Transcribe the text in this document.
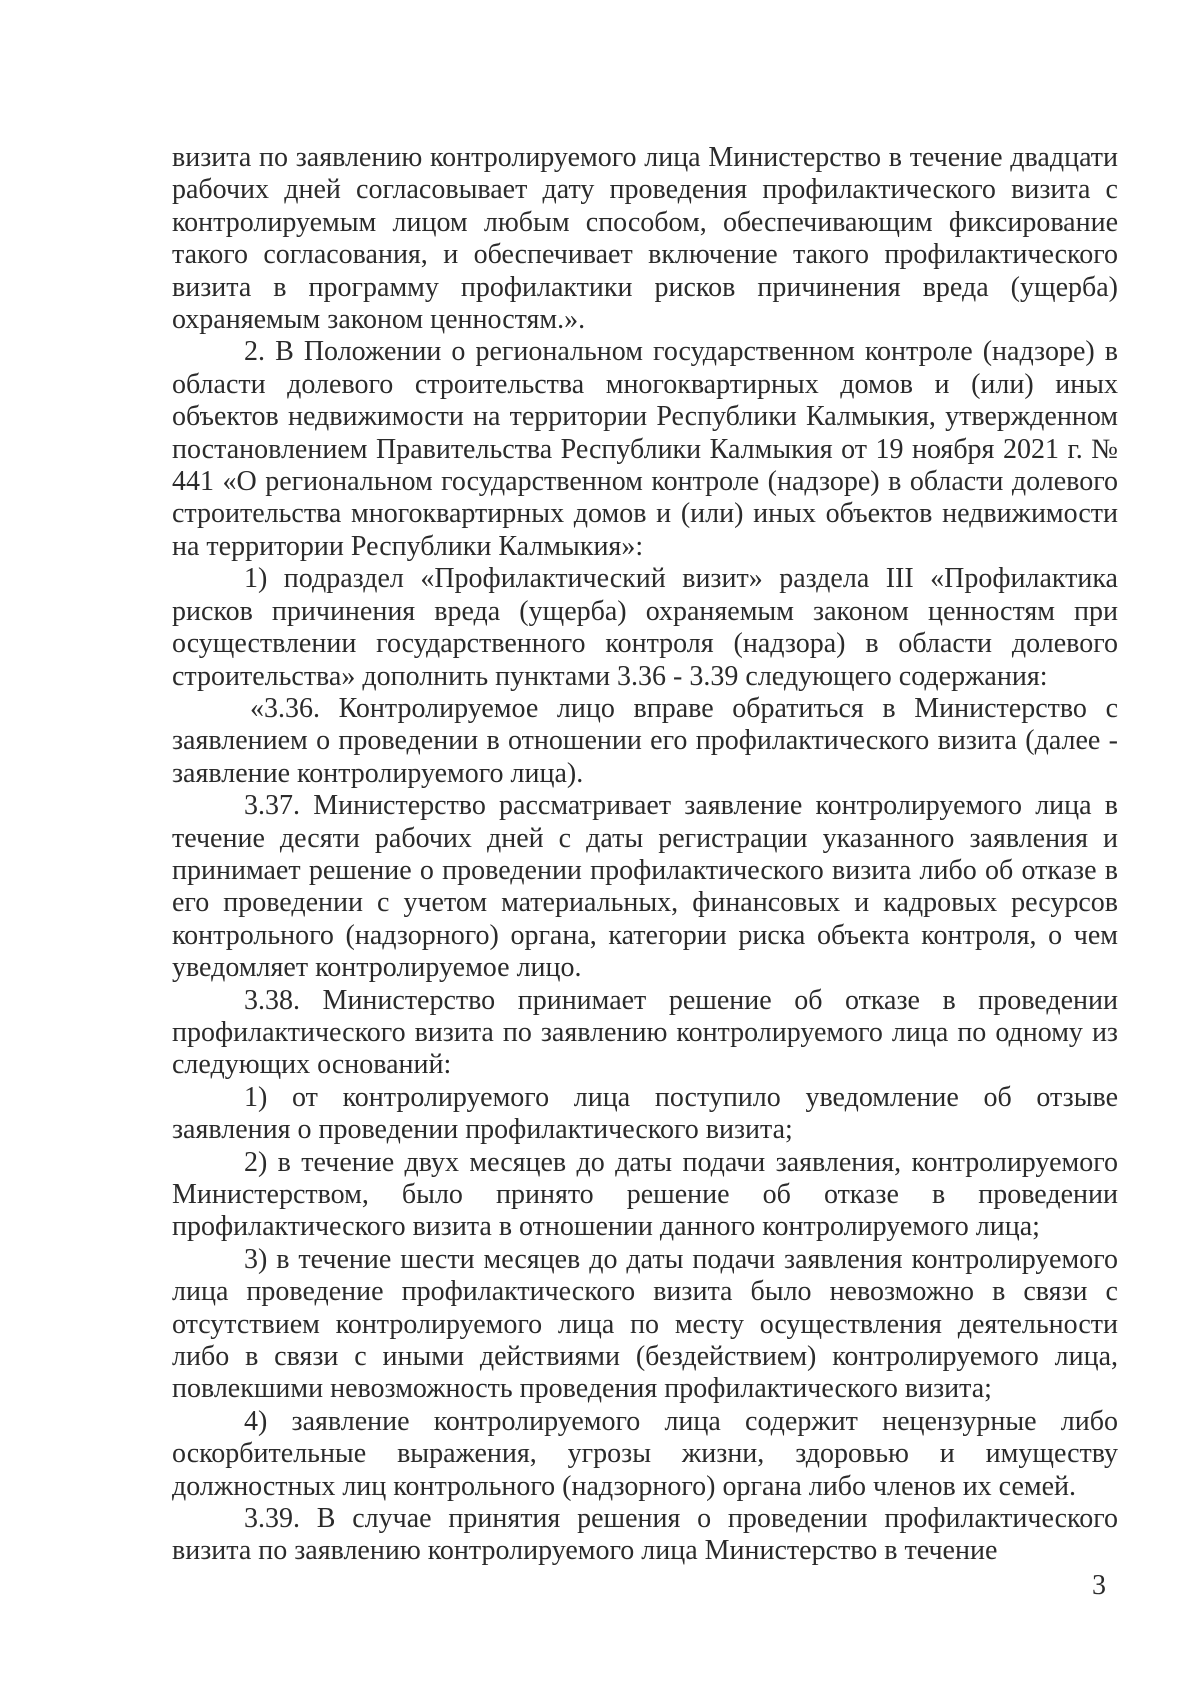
визита по заявлению контролируемого лица Министерство в течение двадцати рабочих дней согласовывает дату проведения профилактического визита с контролируемым лицом любым способом, обеспечивающим фиксирование такого согласования, и обеспечивает включение такого профилактического визита в программу профилактики рисков причинения вреда (ущерба) охраняемым законом ценностям.».

2. В Положении о региональном государственном контроле (надзоре) в области долевого строительства многоквартирных домов и (или) иных объектов недвижимости на территории Республики Калмыкия, утвержденном постановлением Правительства Республики Калмыкия от 19 ноября 2021 г. № 441 «О региональном государственном контроле (надзоре) в области долевого строительства многоквартирных домов и (или) иных объектов недвижимости на территории Республики Калмыкия»:

1) подраздел «Профилактический визит» раздела III «Профилактика рисков причинения вреда (ущерба) охраняемым законом ценностям при осуществлении государственного контроля (надзора) в области долевого строительства» дополнить пунктами 3.36 - 3.39 следующего содержания:

«3.36. Контролируемое лицо вправе обратиться в Министерство с заявлением о проведении в отношении его профилактического визита (далее - заявление контролируемого лица).

3.37. Министерство рассматривает заявление контролируемого лица в течение десяти рабочих дней с даты регистрации указанного заявления и принимает решение о проведении профилактического визита либо об отказе в его проведении с учетом материальных, финансовых и кадровых ресурсов контрольного (надзорного) органа, категории риска объекта контроля, о чем уведомляет контролируемое лицо.

3.38. Министерство принимает решение об отказе в проведении профилактического визита по заявлению контролируемого лица по одному из следующих оснований:

1) от контролируемого лица поступило уведомление об отзыве заявления о проведении профилактического визита;

2) в течение двух месяцев до даты подачи заявления, контролируемого Министерством, было принято решение об отказе в проведении профилактического визита в отношении данного контролируемого лица;

3) в течение шести месяцев до даты подачи заявления контролируемого лица проведение профилактического визита было невозможно в связи с отсутствием контролируемого лица по месту осуществления деятельности либо в связи с иными действиями (бездействием) контролируемого лица, повлекшими невозможность проведения профилактического визита;

4) заявление контролируемого лица содержит нецензурные либо оскорбительные выражения, угрозы жизни, здоровью и имуществу должностных лиц контрольного (надзорного) органа либо членов их семей.

3.39. В случае принятия решения о проведении профилактического визита по заявлению контролируемого лица Министерство в течение

3
